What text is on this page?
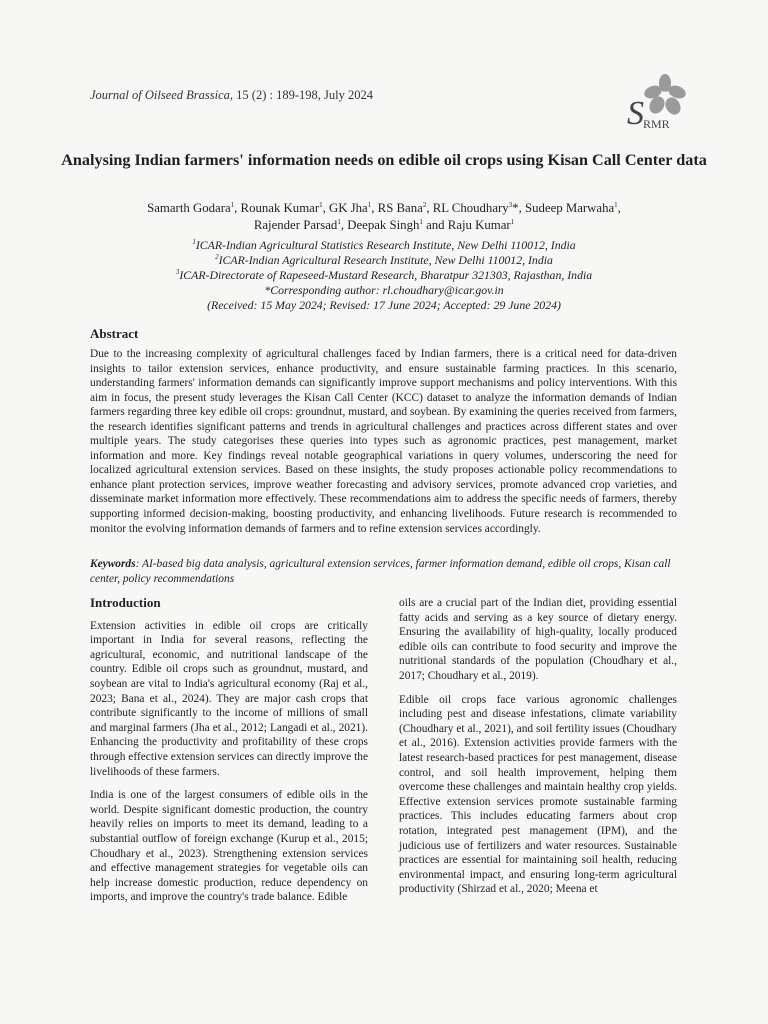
Journal of Oilseed Brassica, 15 (2) : 189-198, July 2024	S RMR
Analysing Indian farmers' information needs on edible oil crops using Kisan Call Center data
Samarth Godara$^1$, Rounak Kumar$^1$, GK Jha$^1$, RS Bana$^2$, RL Choudhary$^3$*, Sudeep Marwaha$^1$,
Rajender Parsad$^1$, Deepak Singh$^1$ and Raju Kumar$^1$
$^1$ICAR-Indian Agricultural Statistics Research Institute, New Delhi 110012, India
$^2$ICAR-Indian Agricultural Research Institute, New Delhi 110012, India
$^3$ICAR-Directorate of Rapeseed-Mustard Research, Bharatpur 321303, Rajasthan, India
*Corresponding author: rl.choudhary@icar.gov.in
(Received: 15 May 2024; Revised: 17 June 2024; Accepted: 29 June 2024)
Abstract
Due to the increasing complexity of agricultural challenges faced by Indian farmers, there is a critical need for data-driven insights to tailor extension services, enhance productivity, and ensure sustainable farming practices. In this scenario, understanding farmers' information demands can significantly improve support mechanisms and policy interventions. With this aim in focus, the present study leverages the Kisan Call Center (KCC) dataset to analyze the information demands of Indian farmers regarding three key edible oil crops: groundnut, mustard, and soybean. By examining the queries received from farmers, the research identifies significant patterns and trends in agricultural challenges and practices across different states and over multiple years. The study categorises these queries into types such as agronomic practices, pest management, market information and more. Key findings reveal notable geographical variations in query volumes, underscoring the need for localized agricultural extension services. Based on these insights, the study proposes actionable policy recommendations to enhance plant protection services, improve weather forecasting and advisory services, promote advanced crop varieties, and disseminate market information more effectively. These recommendations aim to address the specific needs of farmers, thereby supporting informed decision-making, boosting productivity, and enhancing livelihoods. Future research is recommended to monitor the evolving information demands of farmers and to refine extension services accordingly.
Keywords: AI-based big data analysis, agricultural extension services, farmer information demand, edible oil crops, Kisan call center, policy recommendations
Introduction

Extension activities in edible oil crops are critically important in India for several reasons, reflecting the agricultural, economic, and nutritional landscape of the country. Edible oil crops such as groundnut, mustard, and soybean are vital to India's agricultural economy (Raj et al., 2023; Bana et al., 2024). They are major cash crops that contribute significantly to the income of millions of small and marginal farmers (Jha et al., 2012; Langadi et al., 2021). Enhancing the productivity and profitability of these crops through effective extension services can directly improve the livelihoods of these farmers.

India is one of the largest consumers of edible oils in the world. Despite significant domestic production, the country heavily relies on imports to meet its demand, leading to a substantial outflow of foreign exchange (Kurup et al., 2015; Choudhary et al., 2023). Strengthening extension services and effective management strategies for vegetable oils can help increase domestic production, reduce dependency on imports, and improve the country's trade balance. Edible

oils are a crucial part of the Indian diet, providing essential fatty acids and serving as a key source of dietary energy. Ensuring the availability of high-quality, locally produced edible oils can contribute to food security and improve the nutritional standards of the population (Choudhary et al., 2017; Choudhary et al., 2019).

Edible oil crops face various agronomic challenges including pest and disease infestations, climate variability (Choudhary et al., 2021), and soil fertility issues (Choudhary et al., 2016). Extension activities provide farmers with the latest research-based practices for pest management, disease control, and soil health improvement, helping them overcome these challenges and maintain healthy crop yields. Effective extension services promote sustainable farming practices. This includes educating farmers about crop rotation, integrated pest management (IPM), and the judicious use of fertilizers and water resources. Sustainable practices are essential for maintaining soil health, reducing environmental impact, and ensuring long-term agricultural productivity (Shirzad et al., 2020; Meena et
